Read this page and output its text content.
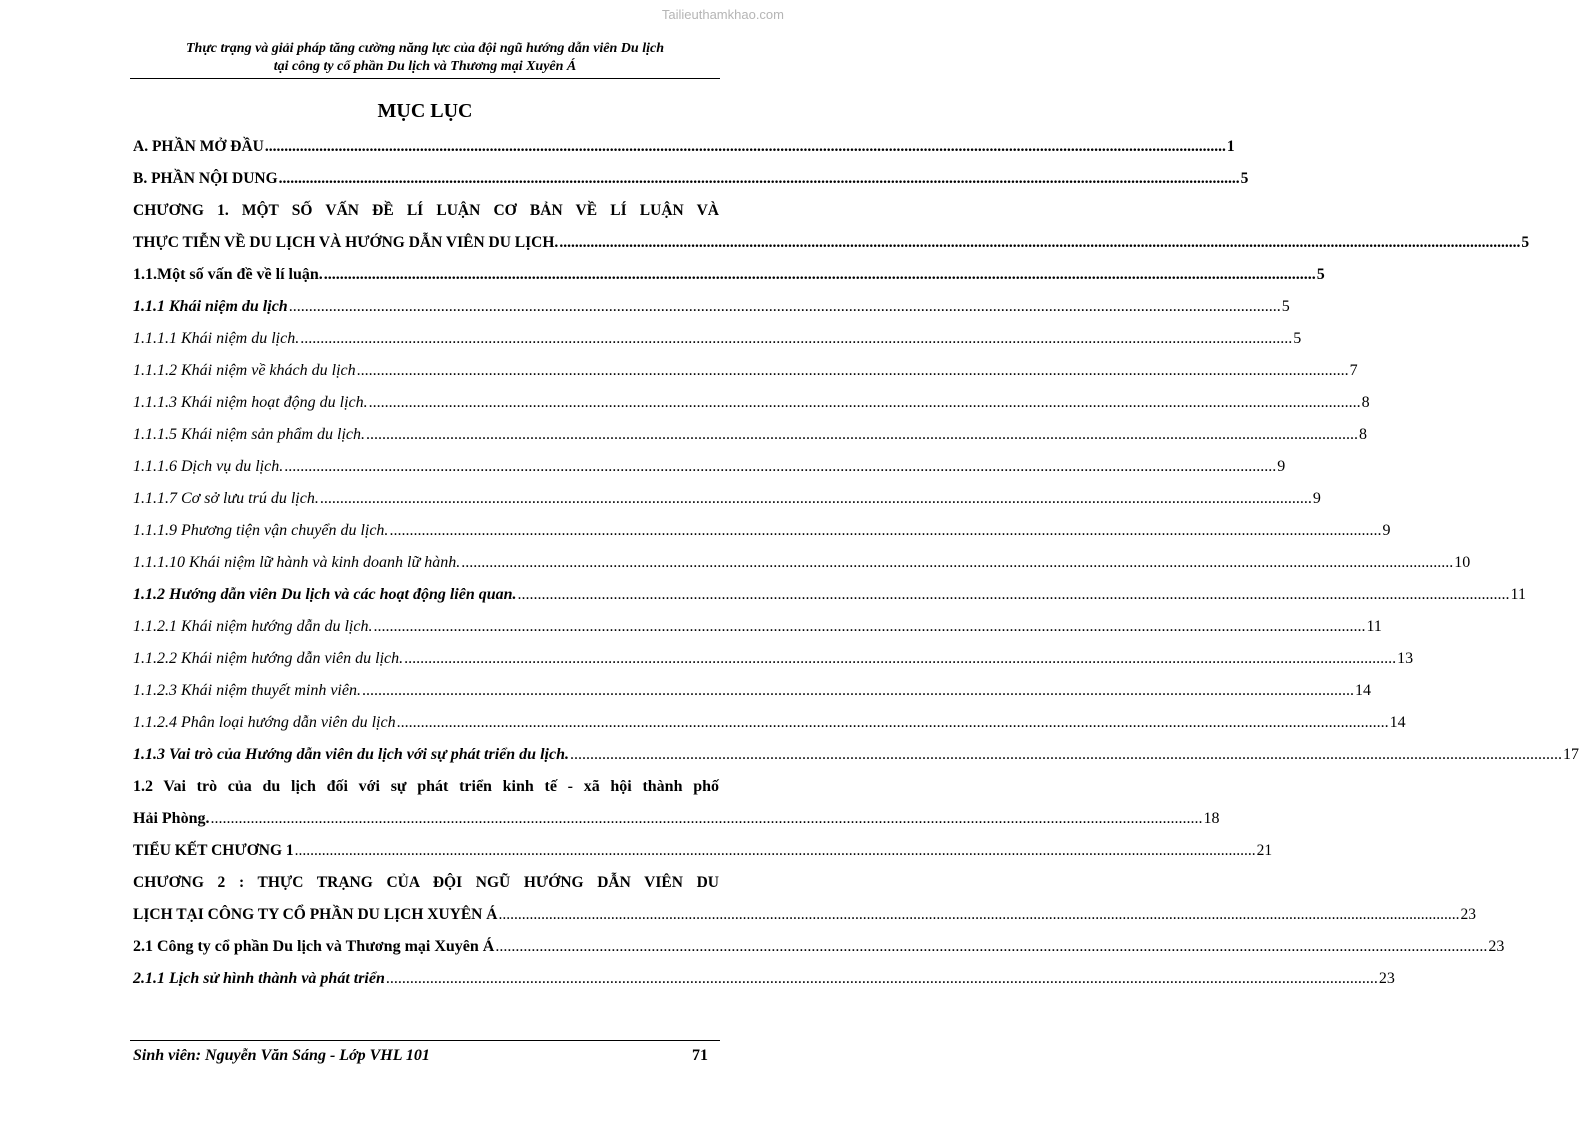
Tailieuthamkhao.com
Thực trạng và giải pháp tăng cường năng lực của đội ngũ hướng dẫn viên Du lịch
tại công ty cổ phần Du lịch và Thương mại Xuyên Á
MỤC LỤC
A. PHẦN MỞ ĐẦU .....	1
B. PHẦN NỘI DUNG .....	5
CHƯƠNG 1. MỘT SỐ VẤN ĐỀ LÍ LUẬN CƠ BẢN VỀ LÍ LUẬN VÀ
THỰC TIỄN VỀ DU LỊCH VÀ HƯỚNG DẪN VIÊN DU LỊCH. .....	5
1.1.Một số vấn đề về lí luận. .....	5
1.1.1 Khái niệm du lịch .....	5
1.1.1.1 Khái niệm du lịch. .....	5
1.1.1.2 Khái niệm về khách du lịch .....	7
1.1.1.3 Khái niệm hoạt động du lịch. .....	8
1.1.1.5 Khái niệm sản phẩm du lịch. .....	8
1.1.1.6 Dịch vụ du lịch. .....	9
1.1.1.7 Cơ sở lưu trú du lịch. .....	9
1.1.1.9 Phương tiện vận chuyển du lịch. .....	9
1.1.1.10 Khái niệm lữ hành và kinh doanh lữ hành. .....	10
1.1.2 Hướng dẫn viên Du lịch và các hoạt động liên quan. .....	11
1.1.2.1 Khái niệm hướng dẫn du lịch. .....	11
1.1.2.2 Khái niệm hướng dẫn viên du lịch. .....	13
1.1.2.3 Khái niệm thuyết minh viên. .....	14
1.1.2.4 Phân loại hướng dẫn viên du lịch .....	14
1.1.3 Vai trò của Hướng dẫn viên du lịch với sự phát triển du lịch. .....	17
1.2 Vai trò của du lịch đối với sự phát triển kinh tế - xã hội thành phố
Hải Phòng. .....	18
TIỂU KẾT CHƯƠNG 1 .....	21
CHƯƠNG 2 : THỰC TRẠNG CỦA ĐỘI NGŨ HƯỚNG DẪN VIÊN DU
LỊCH TẠI CÔNG TY CỔ PHẦN DU LỊCH XUYÊN Á .....	23
2.1 Công ty cổ phần Du lịch và Thương mại Xuyên Á .....	23
2.1.1 Lịch sử hình thành và phát triển .....	23
Sinh viên: Nguyễn Văn Sáng - Lớp VHL 101	71
